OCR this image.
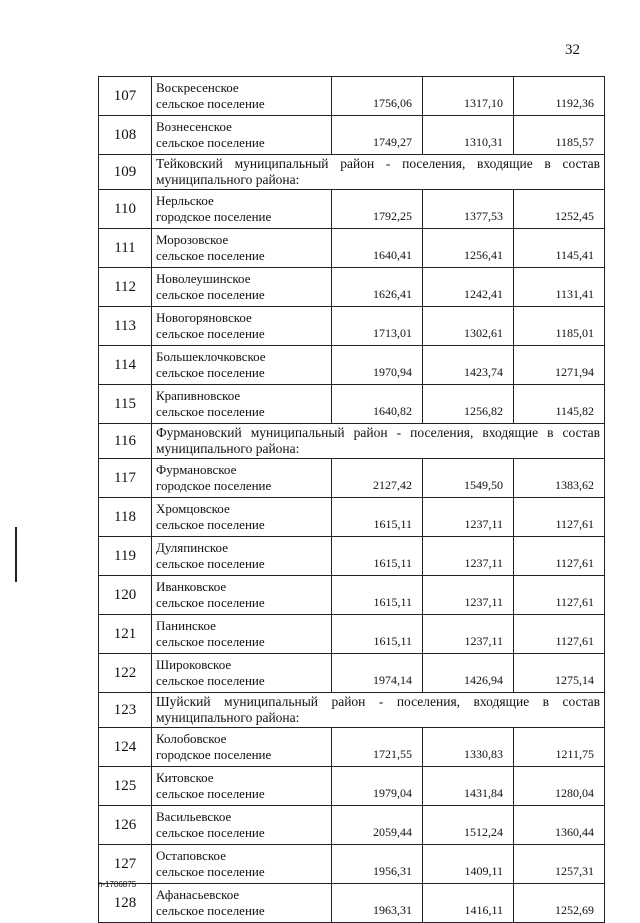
32
107	Воскресенское
сельское поселение	1756,06	1317,10	1192,36
108	Вознесенское
сельское поселение	1749,27	1310,31	1185,57
109	Тейковский муниципальный район - поселения, входящие в состав муниципального района:			
110	Нерльское
городское поселение	1792,25	1377,53	1252,45
111	Морозовское
сельское поселение	1640,41	1256,41	1145,41
112	Новолеушинское
сельское поселение	1626,41	1242,41	1131,41
113	Новогоряновское
сельское поселение	1713,01	1302,61	1185,01
114	Большеклочковское
сельское поселение	1970,94	1423,74	1271,94
115	Крапивновское
сельское поселение	1640,82	1256,82	1145,82
116	Фурмановский муниципальный район - поселения, входящие в состав муниципального района:			
117	Фурмановское
городское поселение	2127,42	1549,50	1383,62
118	Хромцовское
сельское поселение	1615,11	1237,11	1127,61
119	Дуляпинское
сельское поселение	1615,11	1237,11	1127,61
120	Иванковское
сельское поселение	1615,11	1237,11	1127,61
121	Панинское
сельское поселение	1615,11	1237,11	1127,61
122	Широковское
сельское поселение	1974,14	1426,94	1275,14
123	Шуйский муниципальный район - поселения, входящие в состав муниципального района:			
124	Колобовское
городское поселение	1721,55	1330,83	1211,75
125	Китовское
сельское поселение	1979,04	1431,84	1280,04
126	Васильевское
сельское поселение	2059,44	1512,24	1360,44
127	Остаповское
сельское поселение	1956,31	1409,11	1257,31
128	Афанасьевское
сельское поселение	1963,31	1416,11	1252,69
п-1706875
